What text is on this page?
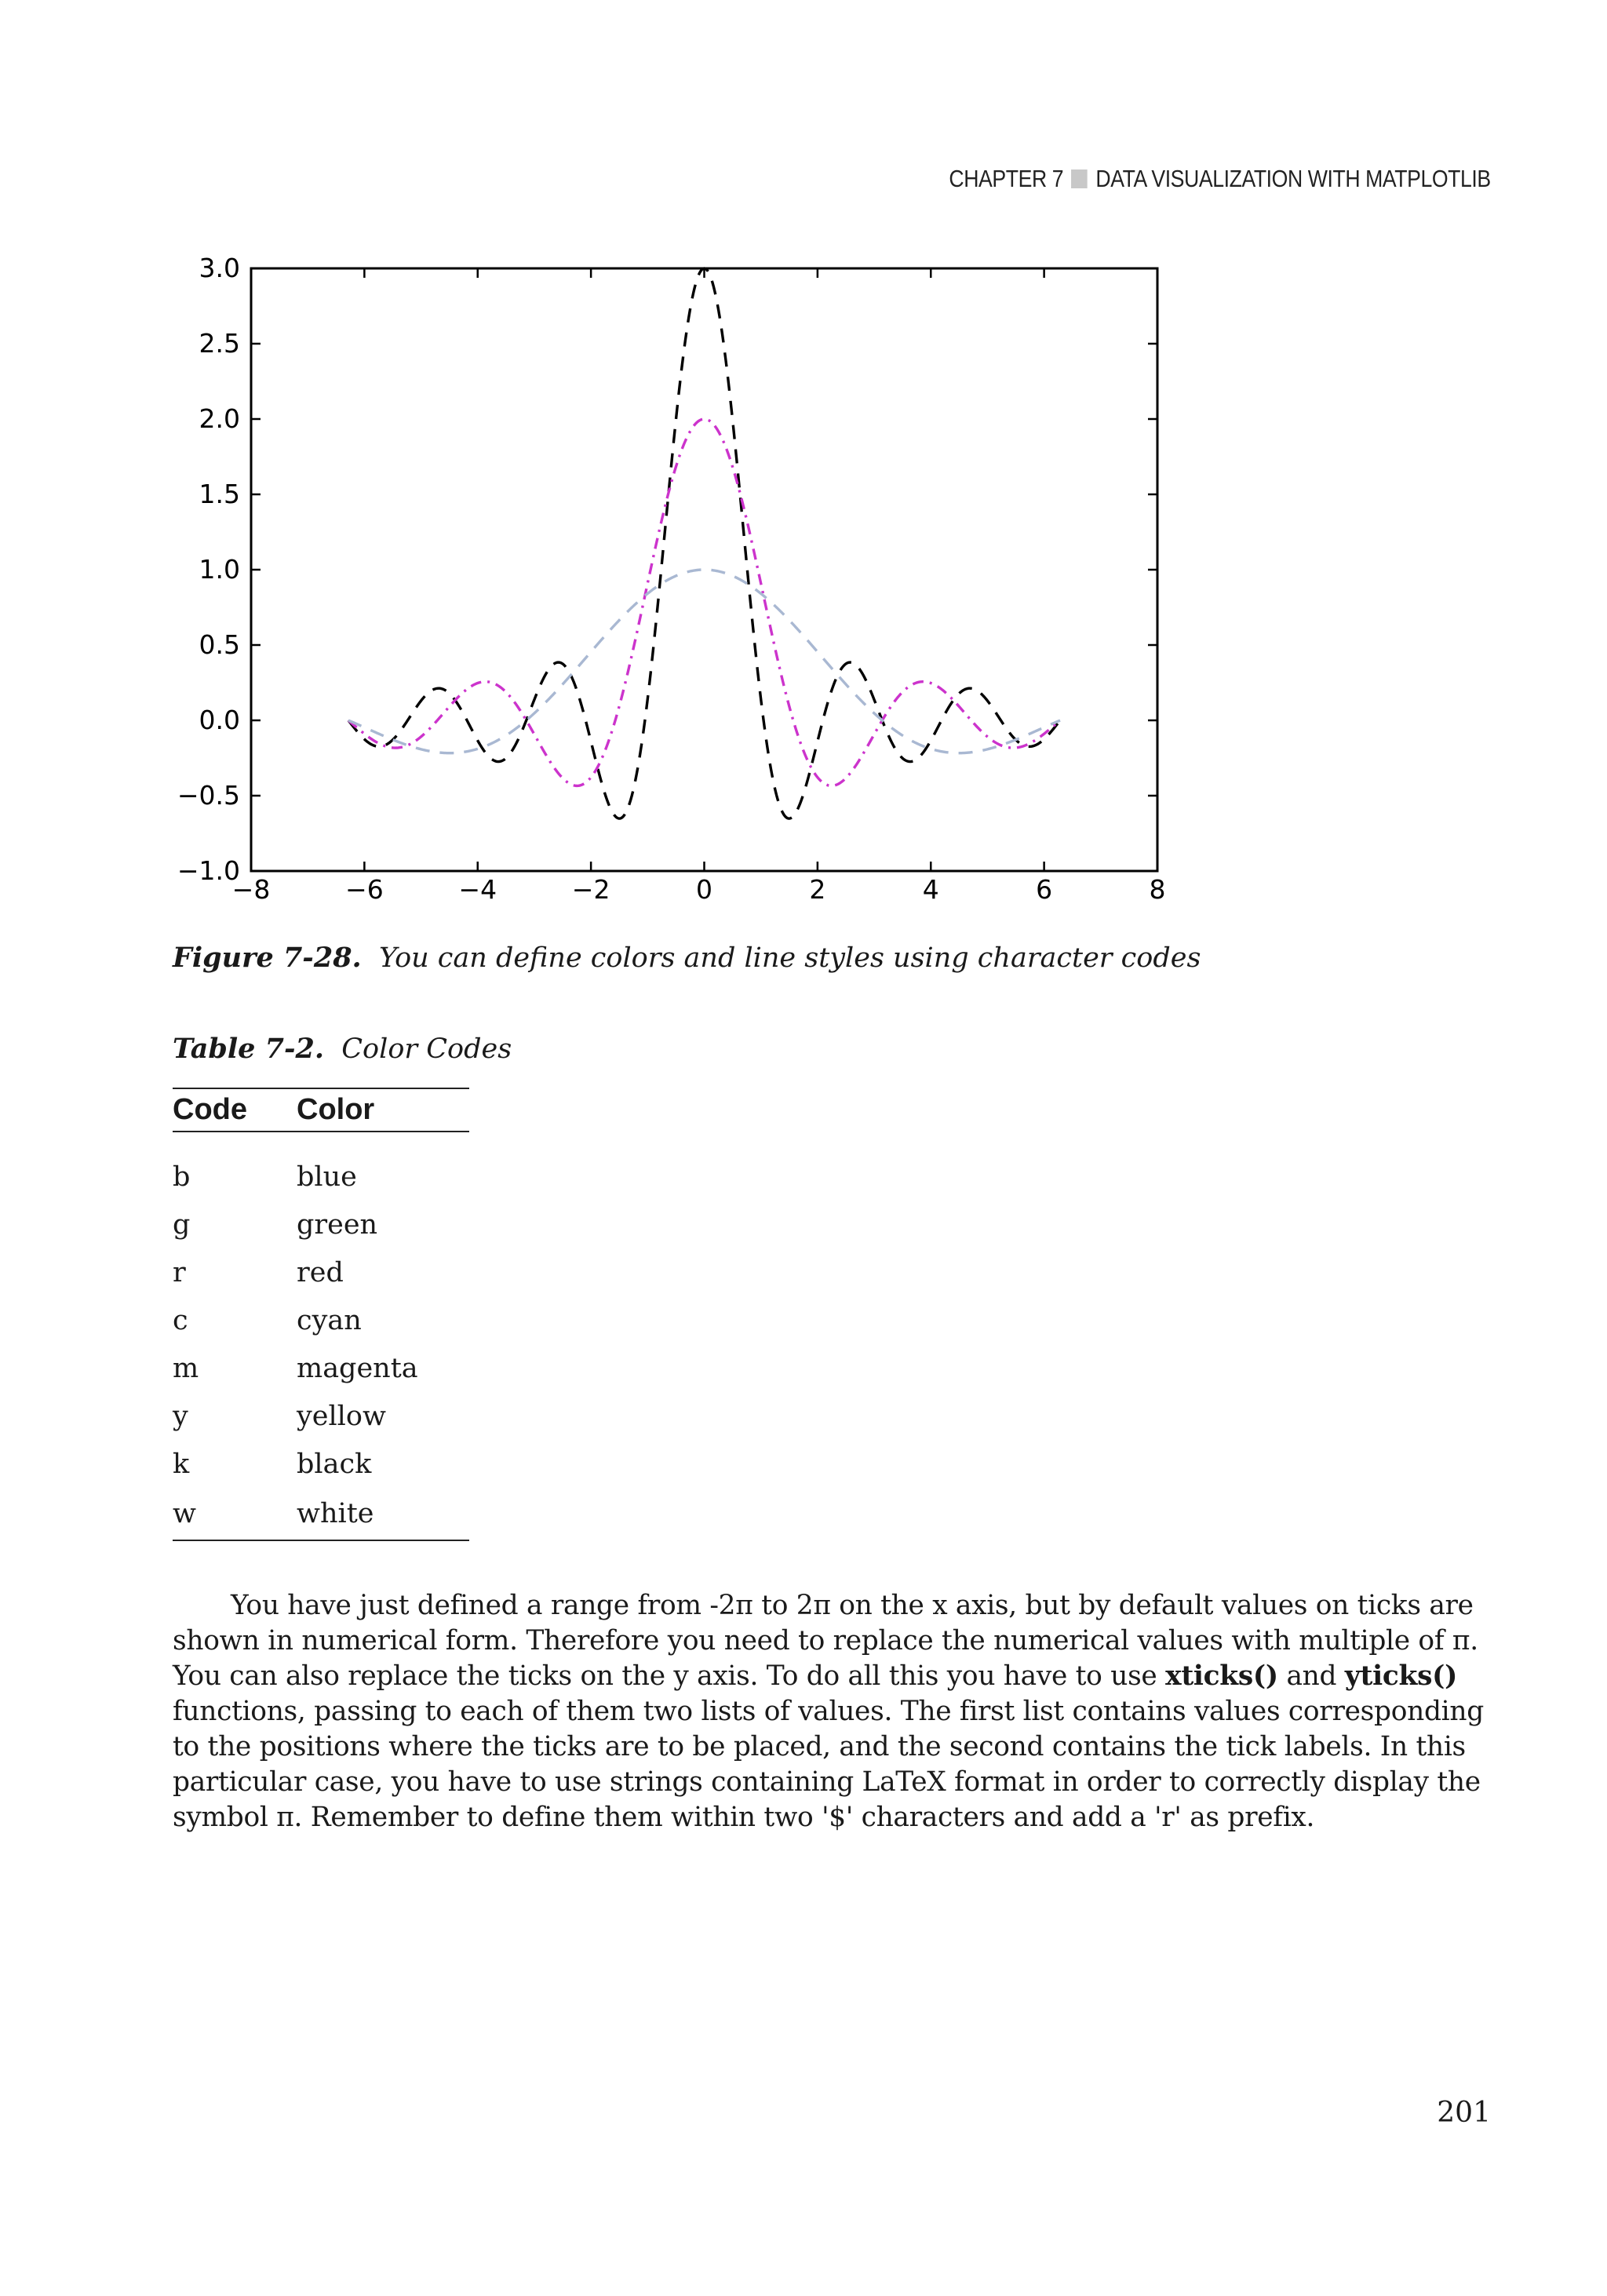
CHAPTER 7 DATA VISUALIZATION WITH MATPLOTLIB
−8	−6	−4	−2	0	2	4	6	8
−1.0
−0.5
0.0
0.5
1.0
1.5
2.0
2.5
3.0
Figure 7-28. You can define colors and line styles using character codes
Table 7-2. Color Codes
Code	Color
b	blue
g	green
r	red
c	cyan
m	magenta
y	yellow
k	black
w	white

You have just defined a range from -2π to 2π on the x axis, but by default values on ticks are shown in numerical form. Therefore you need to replace the numerical values with multiple of π. You can also replace the ticks on the y axis. To do all this you have to use xticks() and yticks() functions, passing to each of them two lists of values. The first list contains values corresponding to the positions where the ticks are to be placed, and the second contains the tick labels. In this particular case, you have to use strings containing LaTeX format in order to correctly display the symbol π. Remember to define them within two '$' characters and add a 'r' as prefix.

201
